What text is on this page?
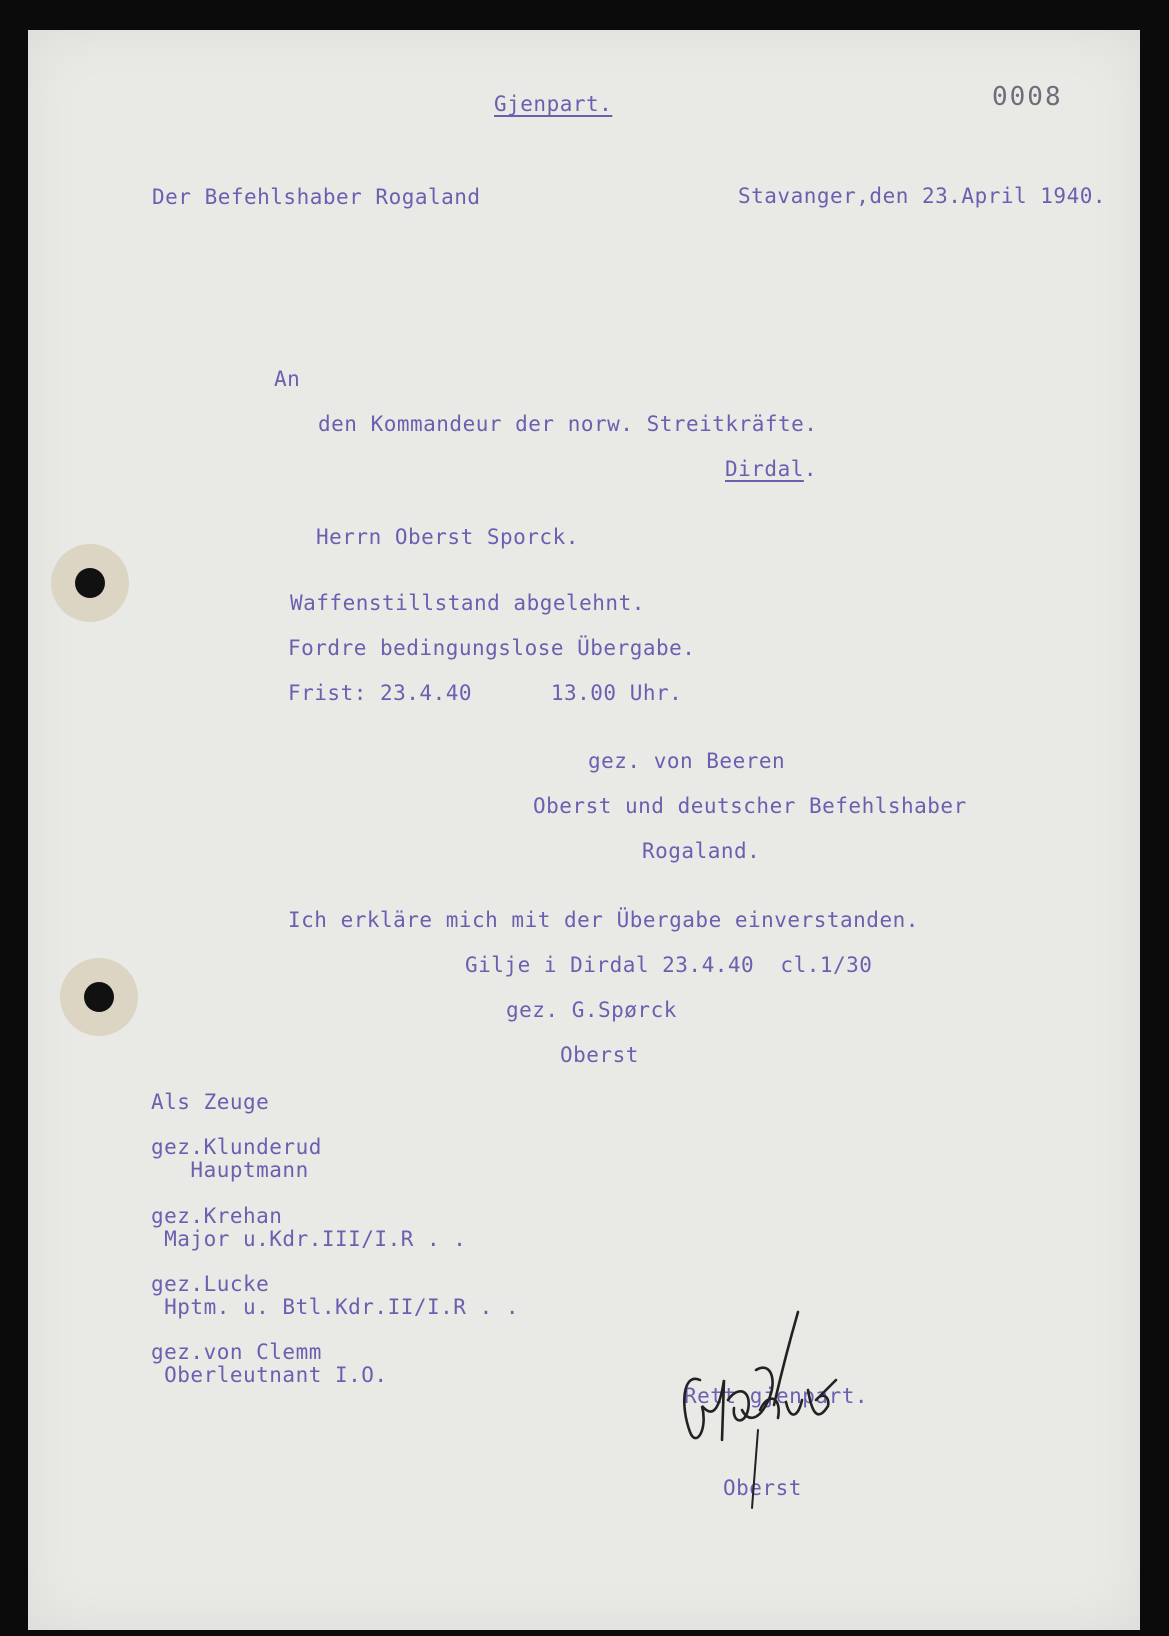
0008
Gjenpart.
Der Befehlshaber Rogaland	Stavanger,den 23.April 1940.
An
den Kommandeur der norw. Streitkräfte.
Dirdal.
Herrn Oberst Sporck.
Waffenstillstand abgelehnt.
Fordre bedingungslose Übergabe.
Frist: 23.4.40      13.00 Uhr.
gez. von Beeren
Oberst und deutscher Befehlshaber
Rogaland.
Ich erkläre mich mit der Übergabe einverstanden.
Gilje i Dirdal 23.4.40  cl.1/30
gez. G.Spørck
Oberst
Als Zeuge
gez.Klunderud
Hauptmann
gez.Krehan
Major u.Kdr.III/I.R . .
gez.Lucke
Hptm. u. Btl.Kdr.II/I.R . .
gez.von Clemm
Oberleutnant I.O.
Rett gjenpart.
Oberst
